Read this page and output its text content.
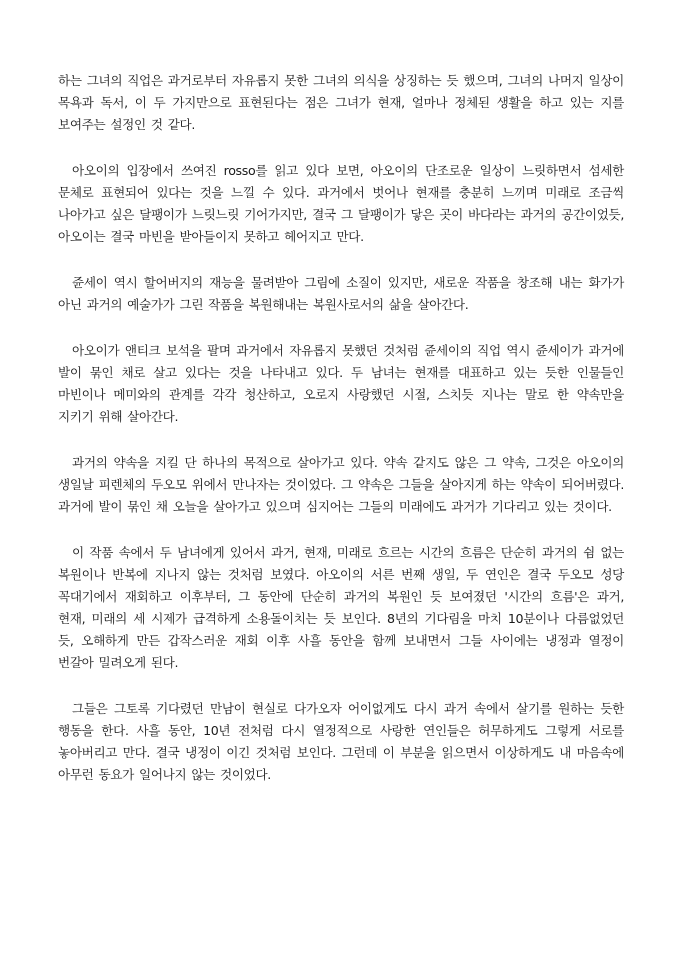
하는 그녀의 직업은 과거로부터 자유롭지 못한 그녀의 의식을 상징하는 듯 했으며, 그녀의 나머지 일상이 목욕과 독서, 이 두 가지만으로 표현된다는 점은 그녀가 현재, 얼마나 정체된 생활을 하고 있는 지를 보여주는 설정인 것 같다.

아오이의 입장에서 쓰여진 rosso를 읽고 있다 보면, 아오이의 단조로운 일상이 느릿하면서 섬세한 문체로 표현되어 있다는 것을 느낄 수 있다. 과거에서 벗어나 현재를 충분히 느끼며 미래로 조금씩 나아가고 싶은 달팽이가 느릿느릿 기어가지만, 결국 그 달팽이가 닿은 곳이 바다라는 과거의 공간이었듯, 아오이는 결국 마빈을 받아들이지 못하고 헤어지고 만다.

쥰세이 역시 할어버지의 재능을 물려받아 그림에 소질이 있지만, 새로운 작품을 창조해 내는 화가가 아닌 과거의 예술가가 그린 작품을 복원해내는 복원사로서의 삶을 살아간다.

아오이가 앤티크 보석을 팔며 과거에서 자유롭지 못했던 것처럼 쥰세이의 직업 역시 쥰세이가 과거에 발이 묶인 채로 살고 있다는 것을 나타내고 있다. 두 남녀는 현재를 대표하고 있는 듯한 인물들인 마빈이나 메미와의 관계를 각각 청산하고, 오로지 사랑했던 시절, 스치듯 지나는 말로 한 약속만을 지키기 위해 살아간다.

과거의 약속을 지킬 단 하나의 목적으로 살아가고 있다. 약속 같지도 않은 그 약속, 그것은 아오이의 생일날 피렌체의 두오모 위에서 만나자는 것이었다. 그 약속은 그들을 살아지게 하는 약속이 되어버렸다. 과거에 발이 묶인 채 오늘을 살아가고 있으며 심지어는 그들의 미래에도 과거가 기다리고 있는 것이다.

이 작품 속에서 두 남녀에게 있어서 과거, 현재, 미래로 흐르는 시간의 흐름은 단순히 과거의 쉼 없는 복원이나 반복에 지나지 않는 것처럼 보였다. 아오이의 서른 번째 생일, 두 연인은 결국 두오모 성당 꼭대기에서 재회하고 이후부터, 그 동안에 단순히 과거의 복원인 듯 보여졌던 '시간의 흐름'은 과거, 현재, 미래의 세 시제가 급격하게 소용돌이치는 듯 보인다. 8년의 기다림을 마치 10분이나 다름없었던 듯, 오해하게 만든 갑작스러운 재회 이후 사흘 동안을 함께 보내면서 그들 사이에는 냉정과 열정이 번갈아 밀려오게 된다.

그들은 그토록 기다렸던 만남이 현실로 다가오자 어이없게도 다시 과거 속에서 살기를 원하는 듯한 행동을 한다. 사흘 동안, 10년 전처럼 다시 열정적으로 사랑한 연인들은 허무하게도 그렇게 서로를 놓아버리고 만다. 결국 냉정이 이긴 것처럼 보인다. 그런데 이 부분을 읽으면서 이상하게도 내 마음속에 아무런 동요가 일어나지 않는 것이었다.
